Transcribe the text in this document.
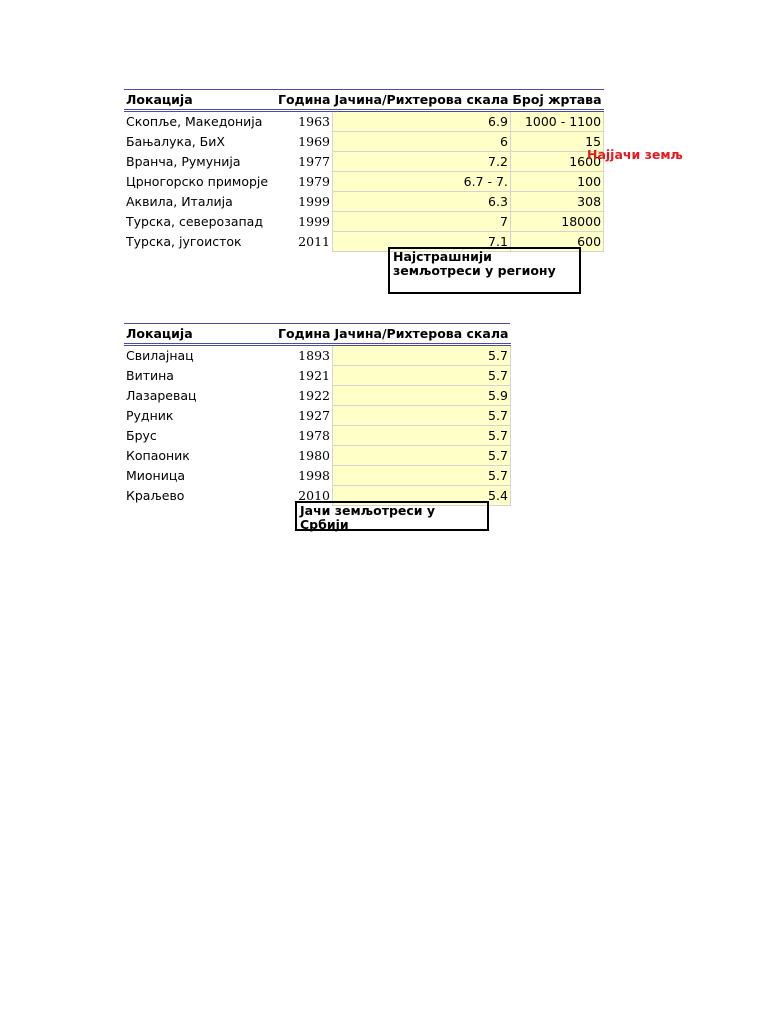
Локација	Година	Јачина/Рихтерова скала	Број жртава
Скопље, Македонија	1963	6.9	1000 - 1100
Бањалука, БиХ	1969	6	15
Вранча, Румунија	1977	7.2	1600
Црногорско приморје	1979	6.7 - 7.	100
Аквила, Италија	1999	6.3	308
Турска, северозапад	1999	7	18000
Турска, југоисток	2011	7.1	600
Најјачи земљ
Најстрашнији земљотреси у региону
Локација	Година	Јачина/Рихтерова скала
Свилајнац	1893	5.7
Витина	1921	5.7
Лазаревац	1922	5.9
Рудник	1927	5.7
Брус	1978	5.7
Копаоник	1980	5.7
Мионица	1998	5.7
Краљево	2010	5.4
Јачи земљотреси у Србији
